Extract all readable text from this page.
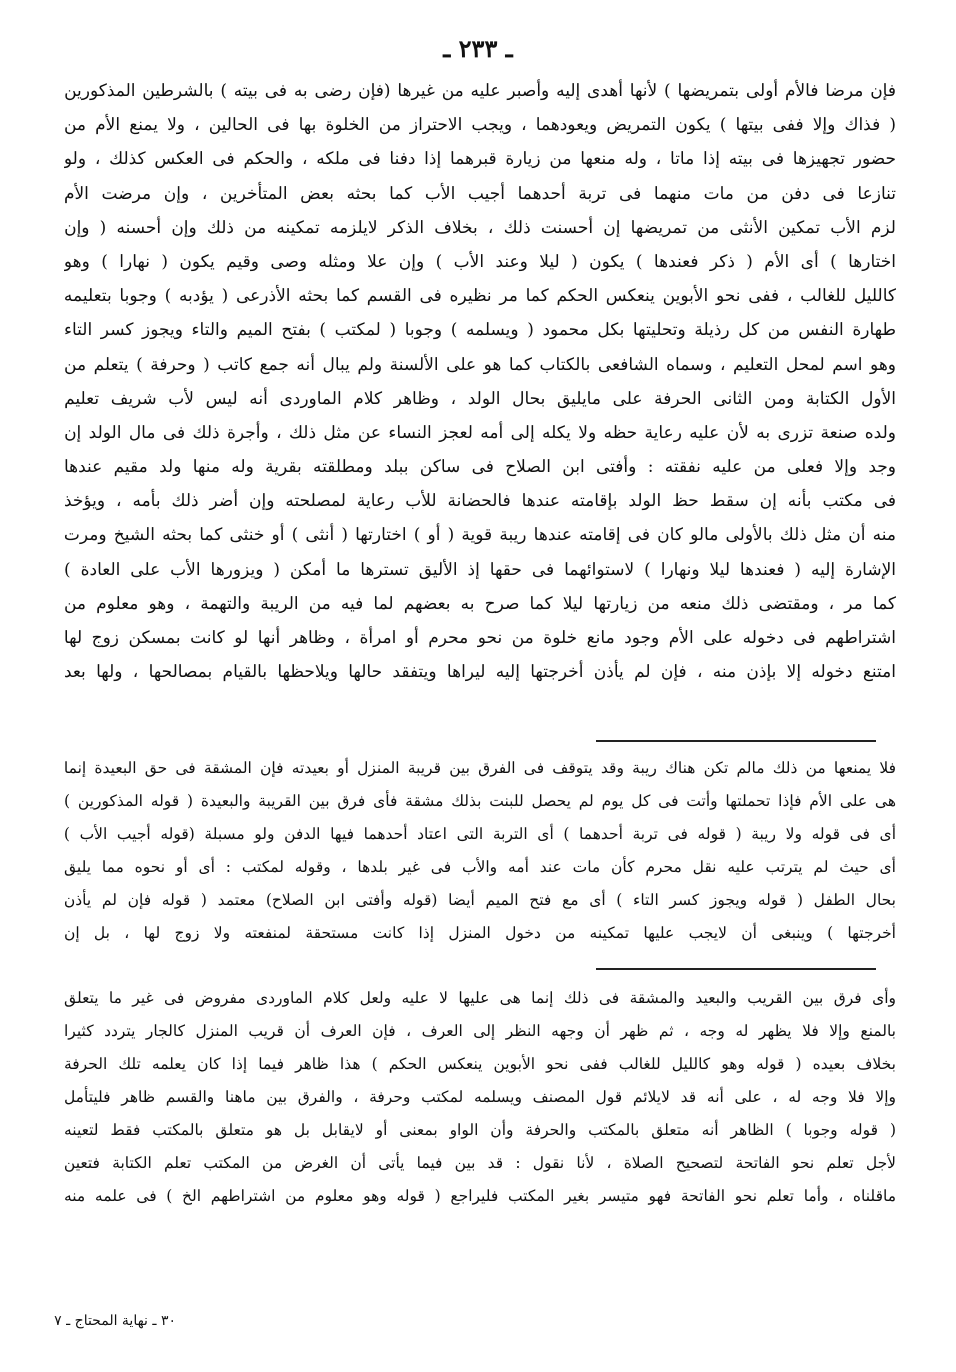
ـ ٢٣٣ ـ
فإن مرضا فالأم أولى بتمريضها ) لأنها أهدى إليه وأصبر عليه من غيرها (فإن رضى به فى بيته ) بالشرطين المذكورين
( فذاك وإلا ففى بيتها ) يكون التمريض ويعودهما ، ويجب الاحتراز من الخلوة بها فى الحالين ، ولا يمنع الأم من
حضور تجهيزها فى بيته إذا ماتا ، وله منعها من زيارة قبرهما إذا دفنا فى ملكه ، والحكم فى العكس كذلك ، ولو
تنازعا فى دفن من مات منهما فى تربة أحدهما أجيب الأب كما بحثه بعض المتأخرين ، وإن مرضت الأم
لزم الأب تمكين الأنثى من تمريضها إن أحسنت ذلك ، بخلاف الذكر لايلزمه تمكينه من ذلك وإن أحسنه ( وإن
اختارها ) أى الأم ( ذكر فعندها ) يكون ( ليلا وعند الأب ) وإن علا ومثله وصى وقيم يكون ( نهارا ) وهو
كالليل للغالب ، ففى نحو الأبوين ينعكس الحكم كما مر نظيره فى القسم كما بحثه الأذرعى ( يؤدبه ) وجوبا بتعليمه
طهارة النفس من كل رذيلة وتحليتها بكل محمود ( ويسلمه ) وجوبا ( لمكتب ) بفتح الميم والتاء ويجوز كسر التاء
وهو اسم لمحل التعليم ، وسماه الشافعى بالكتاب كما هو على الألسنة ولم يبال أنه جمع كاتب ( وحرفة ) يتعلم من
الأول الكتابة ومن الثانى الحرفة على مايليق بحال الولد ، وظاهر كلام الماوردى أنه ليس لأب شريف تعليم
ولده صنعة تزرى به لأن عليه رعاية حظه ولا يكله إلى أمه لعجز النساء عن مثل ذلك ، وأجرة ذلك فى مال الولد إن
وجد وإلا فعلى من عليه نفقته : وأفتى ابن الصلاح فى ساكن ببلد ومطلقته بقرية وله منها ولد مقيم عندها
فى مكتب بأنه إن سقط حظ الولد بإقامته عندها فالحضانة للأب رعاية لمصلحته وإن أضر ذلك بأمه ، ويؤخذ
منه أن مثل ذلك بالأولى مالو كان فى إقامته عندها ريبة قوية ( أو ) اختارتها ( أنثى ) أو خنثى كما بحثه الشيخ ومرت
الإشارة إليه ( فعندها ليلا ونهارا ) لاستوائهما فى حقها إذ الأليق تسترها ما أمكن ( ويزورها الأب على العادة )
كما مر ، ومقتضى ذلك منعه من زيارتها ليلا كما صرح به بعضهم لما فيه من الريبة والتهمة ، وهو معلوم من
اشتراطهم فى دخوله على الأم وجود مانع خلوة من نحو محرم أو امرأة ، وظاهر أنها لو كانت بمسكن زوج لها
امتنع دخوله إلا بإذن منه ، فإن لم يأذن أخرجتها إليه ليراها ويتفقد حالها ويلاحظها بالقيام بمصالحها ، ولها بعد
فلا يمنعها من ذلك مالم تكن هناك ريبة وقد يتوقف فى الفرق بين قريبة المنزل أو بعيدته فإن المشقة فى حق البعيدة إنما
هى على الأم فإذا تحملتها وأتت فى كل يوم لم يحصل للبنت بذلك مشقة فأى فرق بين القريبة والبعيدة ( قوله المذكورين )
أى فى قوله ولا ريبة ( قوله فى تربة أحدهما ) أى التربة التى اعتاد أحدهما فيها الدفن ولو مسبلة (قوله أجيب الأب )
أى حيث لم يترتب عليه نقل محرم كأن مات عند أمه والأب فى غير بلدها ، وقوله لمكتب : أى أو نحوه مما يليق
بحال الطفل ( قوله ويجوز كسر التاء ) أى مع فتح الميم أيضا (قوله وأفتى ابن الصلاح) معتمد ( قوله فإن لم يأذن
أخرجتها ) وينبغى أن لايجب عليها تمكينه من دخول المنزل إذا كانت مستحقة لمنفعته ولا زوج لها ، بل إن
وأى فرق بين القريب والبعيد والمشقة فى ذلك إنما هى عليها لا عليه ولعل كلام الماوردى مفروض فى غير ما يتعلق
بالمنع وإلا فلا يظهر له وجه ، ثم ظهر أن وجهه النظر إلى العرف ، فإن العرف أن قريب المنزل كالجار يتردد كثيرا
بخلاف بعيده ( قوله وهو كالليل للغالب ففى نحو الأبوين ينعكس الحكم ) هذا ظاهر فيما إذا كان يعلمه تلك الحرفة
وإلا فلا وجه له ، على أنه قد لايلائم قول المصنف ويسلمه لمكتب وحرفة ، والفرق بين ماهنا والقسم ظاهر فليتأمل
( قوله وجوبا ) الظاهر أنه متعلق بالمكتب والحرفة وأن الواو بمعنى أو لايقابل بل هو متعلق بالمكتب فقط لتعينه
لأجل تعلم نحو الفاتحة لتصحيح الصلاة ، لأنا نقول : قد بين فيما يأتى أن الغرض من المكتب تعلم الكتابة فتعين
ماقلناه ، وأما تعلم نحو الفاتحة فهو متيسر بغير المكتب فليراجع ( قوله وهو معلوم من اشتراطهم الخ ) فى علمه منه
٣٠ ـ نهاية المحتاج ـ ٧
